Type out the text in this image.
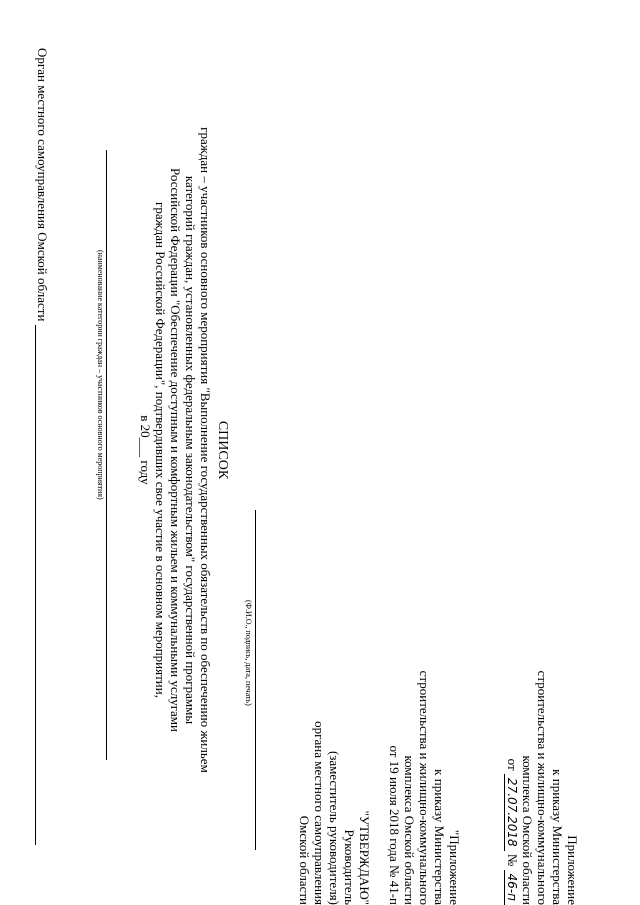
Приложение
к приказу Министерства
строительства и жилищно-коммунального
комплекса Омской области
от 27.07.2018 № 46-п
"Приложение
к приказу Министерства
строительства и жилищно-коммунального
комплекса Омской области
от 19 июля 2018 года № 41-п
"УТВЕРЖДАЮ"
Руководитель
(заместитель руководителя)
органа местного самоуправления
Омской области
(Ф.И.О., подпись, дата, печать)
СПИСОК
граждан – участников основного мероприятия "Выполнение государственных обязательств по обеспечению жильем
категорий граждан, установленных федеральным законодательством" государственной программы
Российской Федерации "Обеспечение доступным и комфортным жильем и коммунальными услугами
граждан Российской Федерации", подтвердивших свое участие в основном мероприятии,
в 20___ году
(наименование категории граждан – участников основного мероприятия)
Орган местного самоуправления Омской области
